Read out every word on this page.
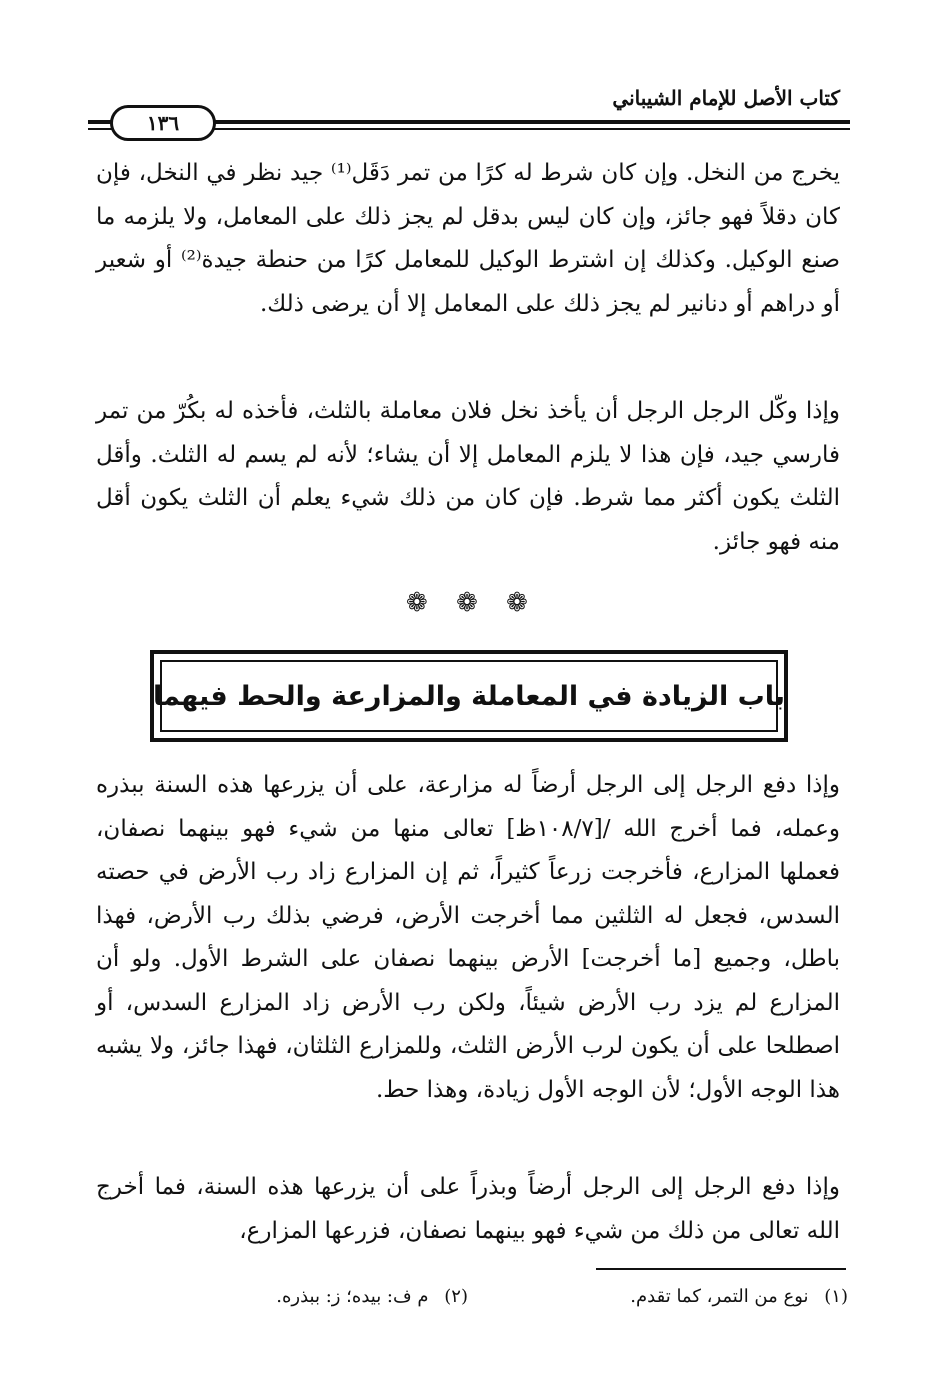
كتاب الأصل للإمام الشيباني
١٣٦

يخرج من النخل. وإن كان شرط له كرًا من تمر دَقَل⁽¹⁾ جيد نظر في النخل، فإن كان دقلاً فهو جائز، وإن كان ليس بدقل لم يجز ذلك على المعامل، ولا يلزمه ما صنع الوكيل. وكذلك إن اشترط الوكيل للمعامل كرًا من حنطة جيدة⁽²⁾ أو شعير أو دراهم أو دنانير لم يجز ذلك على المعامل إلا أن يرضى ذلك.

وإذا وكّل الرجل الرجل أن يأخذ نخل فلان معاملة بالثلث، فأخذه له بكُرّ من تمر فارسي جيد، فإن هذا لا يلزم المعامل إلا أن يشاء؛ لأنه لم يسم له الثلث. وأقل الثلث يكون أكثر مما شرط. فإن كان من ذلك شيء يعلم أن الثلث يكون أقل منه فهو جائز.

❁ ❁ ❁
باب الزيادة في المعاملة والمزارعة والحط فيهما

وإذا دفع الرجل إلى الرجل أرضاً له مزارعة، على أن يزرعها هذه السنة ببذره وعمله، فما أخرج الله /[١٠٨/٧ظ] تعالى منها من شيء فهو بينهما نصفان، فعملها المزارع، فأخرجت زرعاً كثيراً، ثم إن المزارع زاد رب الأرض في حصته السدس، فجعل له الثلثين مما أخرجت الأرض، فرضي بذلك رب الأرض، فهذا باطل، وجميع [ما أخرجت] الأرض بينهما نصفان على الشرط الأول. ولو أن المزارع لم يزد رب الأرض شيئاً، ولكن رب الأرض زاد المزارع السدس، أو اصطلحا على أن يكون لرب الأرض الثلث، وللمزارع الثلثان، فهذا جائز، ولا يشبه هذا الوجه الأول؛ لأن الوجه الأول زيادة، وهذا حط.

وإذا دفع الرجل إلى الرجل أرضاً وبذراً على أن يزرعها هذه السنة، فما أخرج الله تعالى من ذلك من شيء فهو بينهما نصفان، فزرعها المزارع،

(١) نوع من التمر، كما تقدم.
(٢) م ف: بيده؛ ز: ببذره.
